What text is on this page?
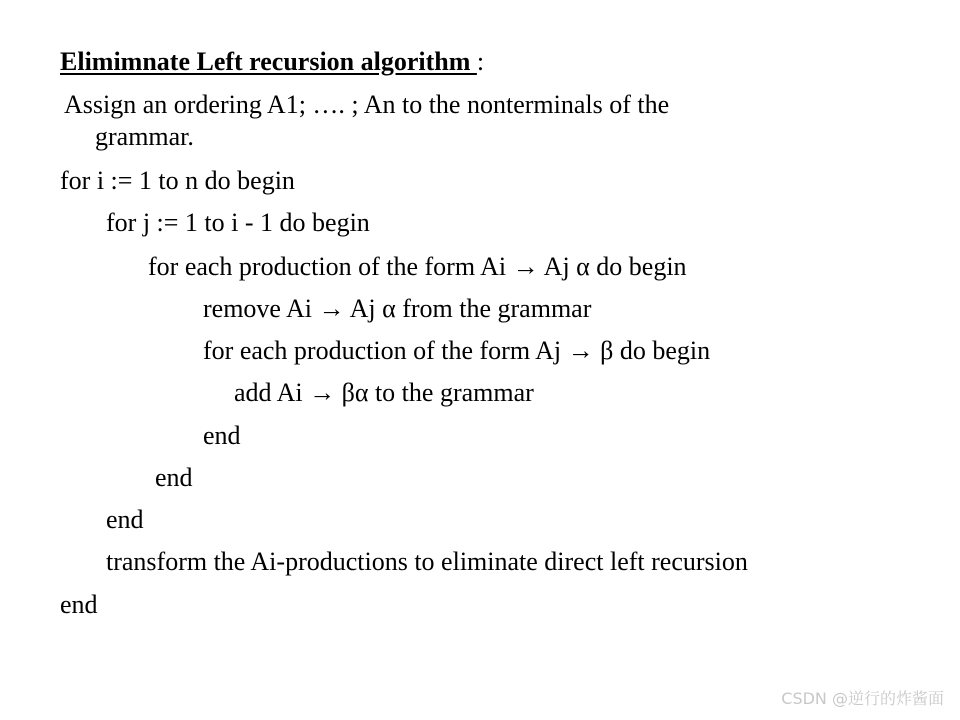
Elimimnate Left recursion algorithm :
Assign an ordering A1; …. ; An to the nonterminals of the
grammar.
for i := 1 to n do begin
for j := 1 to i - 1 do begin
for each production of the form Ai → Aj α do begin
remove Ai → Aj α from the grammar
for each production of the form Aj → β do begin
add Ai → βα to the grammar
end
end
end
transform the Ai-productions to eliminate direct left recursion
end
CSDN @逆行的炸酱面
